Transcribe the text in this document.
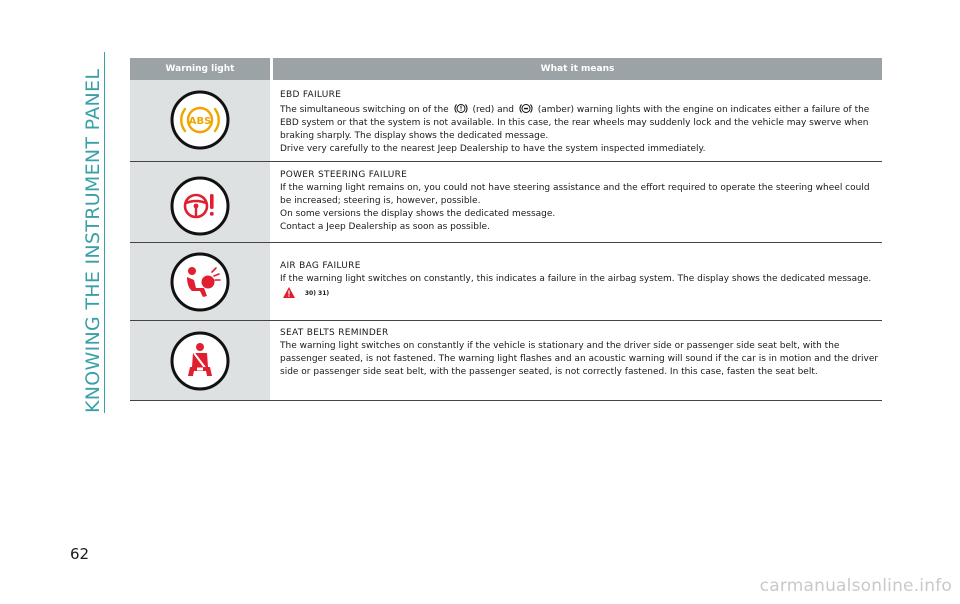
KNOWING THE INSTRUMENT PANEL	Warning light	What it means
ABS
EBD FAILURE
The simultaneous switching on of the	(red) and	(amber) warning lights with the engine on indicates either a failure of the EBD system or that the system is not available. In this case, the rear wheels may suddenly lock and the vehicle may swerve when braking sharply. The display shows the dedicated message.
Drive very carefully to the nearest Jeep Dealership to have the system inspected immediately.
POWER STEERING FAILURE
If the warning light remains on, you could not have steering assistance and the effort required to operate the steering wheel could be increased; steering is, however, possible.
On some versions the display shows the dedicated message.
Contact a Jeep Dealership as soon as possible.
AIR BAG FAILURE
If the warning light switches on constantly, this indicates a failure in the airbag system. The display shows the dedicated message.  30) 31)
SEAT BELTS REMINDER
The warning light switches on constantly if the vehicle is stationary and the driver side or passenger side seat belt, with the passenger seated, is not fastened. The warning light flashes and an acoustic warning will sound if the car is in motion and the driver side or passenger side seat belt, with the passenger seated, is not correctly fastened. In this case, fasten the seat belt.
62
carmanualsonline.info
